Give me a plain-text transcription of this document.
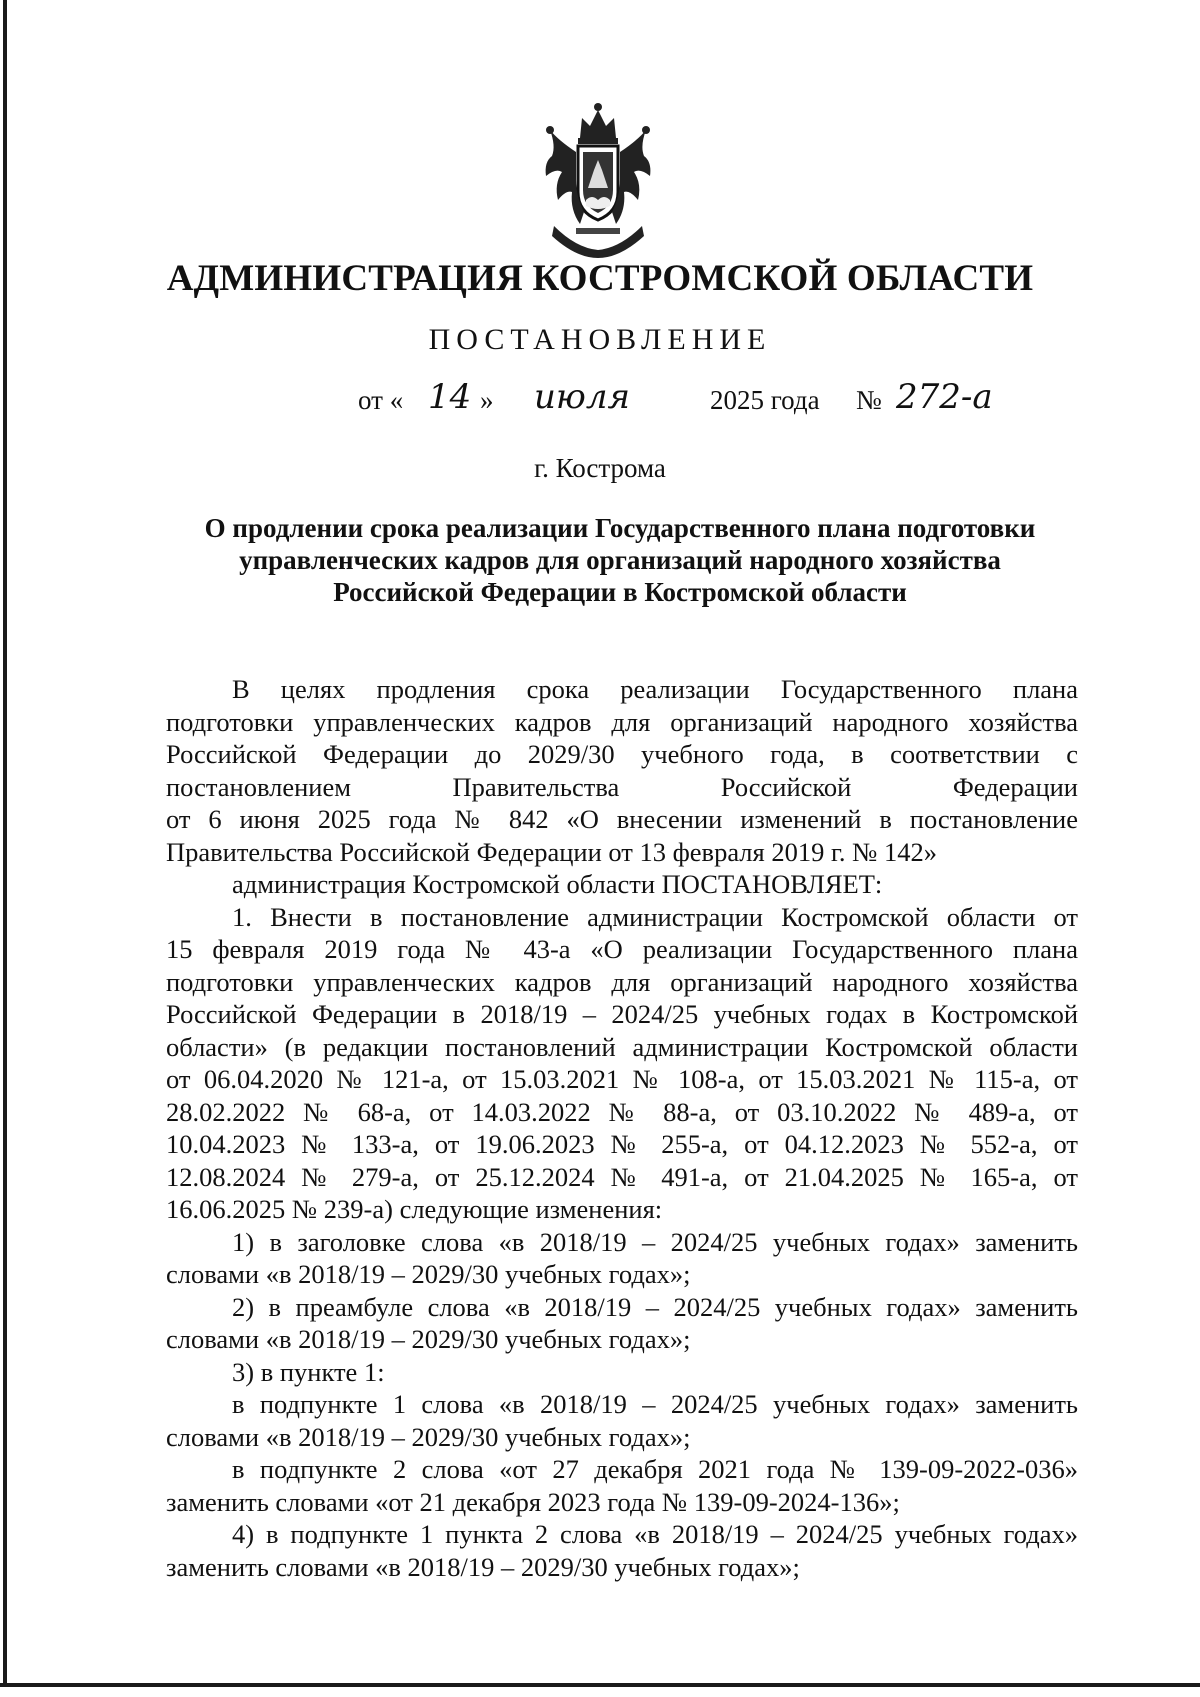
АДМИНИСТРАЦИЯ КОСТРОМСКОЙ ОБЛАСТИ
ПОСТАНОВЛЕНИЕ
от « 14 » июля	2025 года № 272-а
г. Кострома
О продлении срока реализации Государственного плана подготовки
управленческих кадров для организаций народного хозяйства
Российской Федерации в Костромской области
В целях продления срока реализации Государственного плана
подготовки управленческих кадров для организаций народного хозяйства
Российской Федерации до 2029/30 учебного года, в соответствии с
постановлением Правительства Российской Федерации
от 6 июня 2025 года № 842 «О внесении изменений в постановление
Правительства Российской Федерации от 13 февраля 2019 г. № 142»
администрация Костромской области ПОСТАНОВЛЯЕТ:
1. Внести в постановление администрации Костромской области от
15 февраля 2019 года № 43-а «О реализации Государственного плана
подготовки управленческих кадров для организаций народного хозяйства
Российской Федерации в 2018/19 – 2024/25 учебных годах в Костромской
области» (в редакции постановлений администрации Костромской области
от 06.04.2020 № 121-а, от 15.03.2021 № 108-а, от 15.03.2021 № 115-а, от
28.02.2022 № 68-а, от 14.03.2022 № 88-а, от 03.10.2022 № 489-а, от
10.04.2023 № 133-а, от 19.06.2023 № 255-а, от 04.12.2023 № 552-а, от
12.08.2024 № 279-а, от 25.12.2024 № 491-а, от 21.04.2025 № 165-а, от
16.06.2025 № 239-а) следующие изменения:
1) в заголовке слова «в 2018/19 – 2024/25 учебных годах» заменить
словами «в 2018/19 – 2029/30 учебных годах»;
2) в преамбуле слова «в 2018/19 – 2024/25 учебных годах» заменить
словами «в 2018/19 – 2029/30 учебных годах»;
3) в пункте 1:
в подпункте 1 слова «в 2018/19 – 2024/25 учебных годах» заменить
словами «в 2018/19 – 2029/30 учебных годах»;
в подпункте 2 слова «от 27 декабря 2021 года № 139-09-2022-036»
заменить словами «от 21 декабря 2023 года № 139-09-2024-136»;
4) в подпункте 1 пункта 2 слова «в 2018/19 – 2024/25 учебных годах»
заменить словами «в 2018/19 – 2029/30 учебных годах»;
